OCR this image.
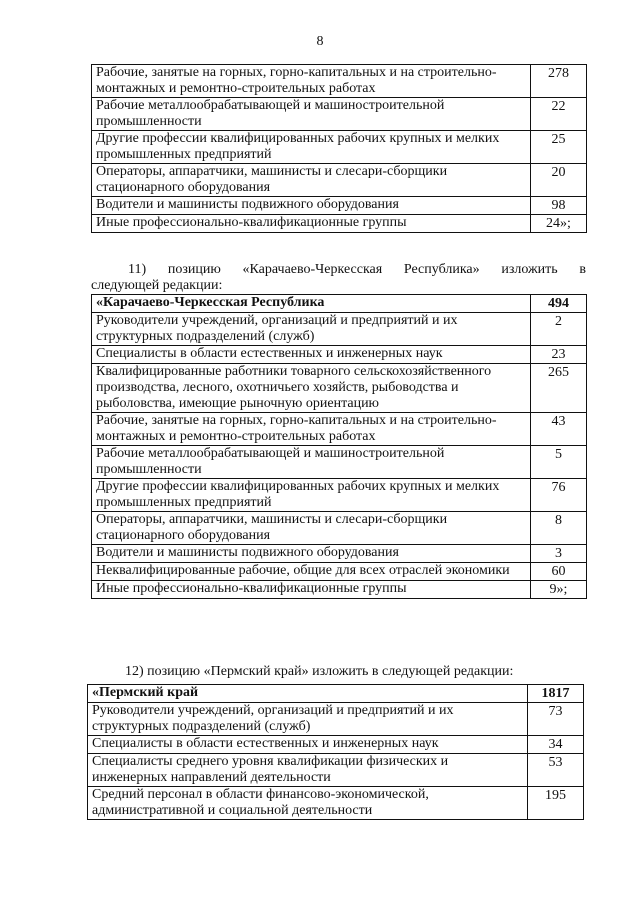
8
Рабочие, занятые на горных, горно-капитальных и на строительно-монтажных и ремонтно-строительных работах	278
Рабочие металлообрабатывающей и машиностроительной промышленности	22
Другие профессии квалифицированных рабочих крупных и мелких промышленных предприятий	25
Операторы, аппаратчики, машинисты и слесари-сборщики стационарного оборудования	20
Водители и машинисты подвижного оборудования	98
Иные профессионально-квалификационные группы	24»;
11) позицию «Карачаево-Черкесская Республика» изложить в
следующей редакции:
«Карачаево-Черкесская Республика	494
Руководители учреждений, организаций и предприятий и их структурных подразделений (служб)	2
Специалисты в области естественных и инженерных наук	23
Квалифицированные работники товарного сельскохозяйственного производства, лесного, охотничьего хозяйств, рыбоводства и рыболовства, имеющие рыночную ориентацию	265
Рабочие, занятые на горных, горно-капитальных и на строительно-монтажных и ремонтно-строительных работах	43
Рабочие металлообрабатывающей и машиностроительной промышленности	5
Другие профессии квалифицированных рабочих крупных и мелких промышленных предприятий	76
Операторы, аппаратчики, машинисты и слесари-сборщики стационарного оборудования	8
Водители и машинисты подвижного оборудования	3
Неквалифицированные рабочие, общие для всех отраслей экономики	60
Иные профессионально-квалификационные группы	9»;
12) позицию «Пермский край» изложить в следующей редакции:
«Пермский край	1817
Руководители учреждений, организаций и предприятий и их структурных подразделений (служб)	73
Специалисты в области естественных и инженерных наук	34
Специалисты среднего уровня квалификации физических и инженерных направлений деятельности	53
Средний персонал в области финансово-экономической, административной и социальной деятельности	195
